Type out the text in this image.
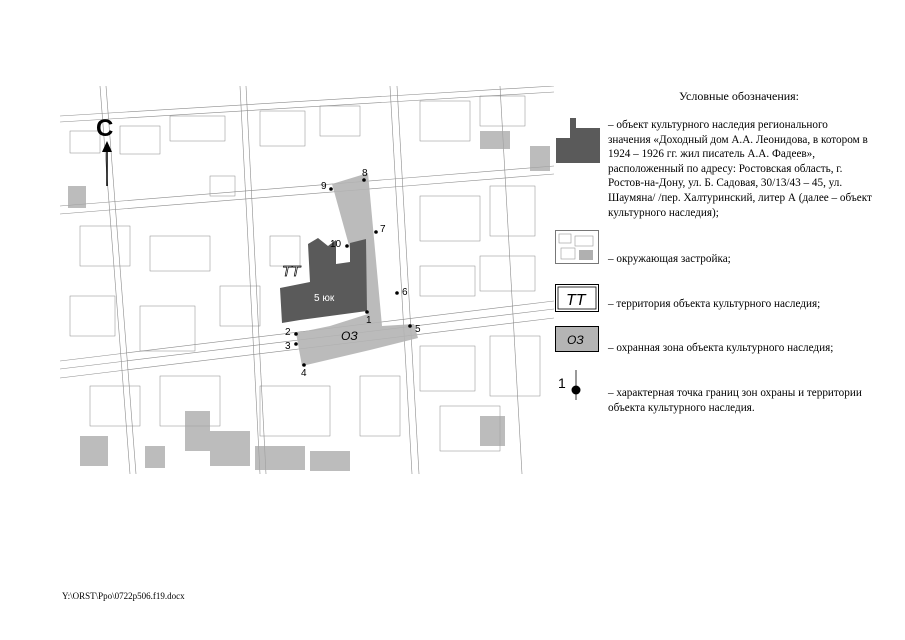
5 юк
ТТ
ОЗ
С
1
2
3
4
5
6
7
8
9
10
Условные обозначения:
– объект культурного наследия регионального значения «Доходный дом А.А. Леонидова, в котором в 1924 – 1926 гг. жил писатель А.А. Фадеев», расположенный по адресу: Ростовская область, г. Ростов-на-Дону, ул. Б. Садовая, 30/13/43 – 45, ул. Шаумяна/ /пер. Халтуринский, литер А (далее – объект культурного наследия);
– окружающая застройка;
ТТ – территория объекта культурного наследия;
ОЗ
– охранная зона объекта культурного наследия;
1
– характерная точка границ зон охраны и территории объекта культурного наследия.
Y:\ORST\Ppo\0722p506.f19.docx
